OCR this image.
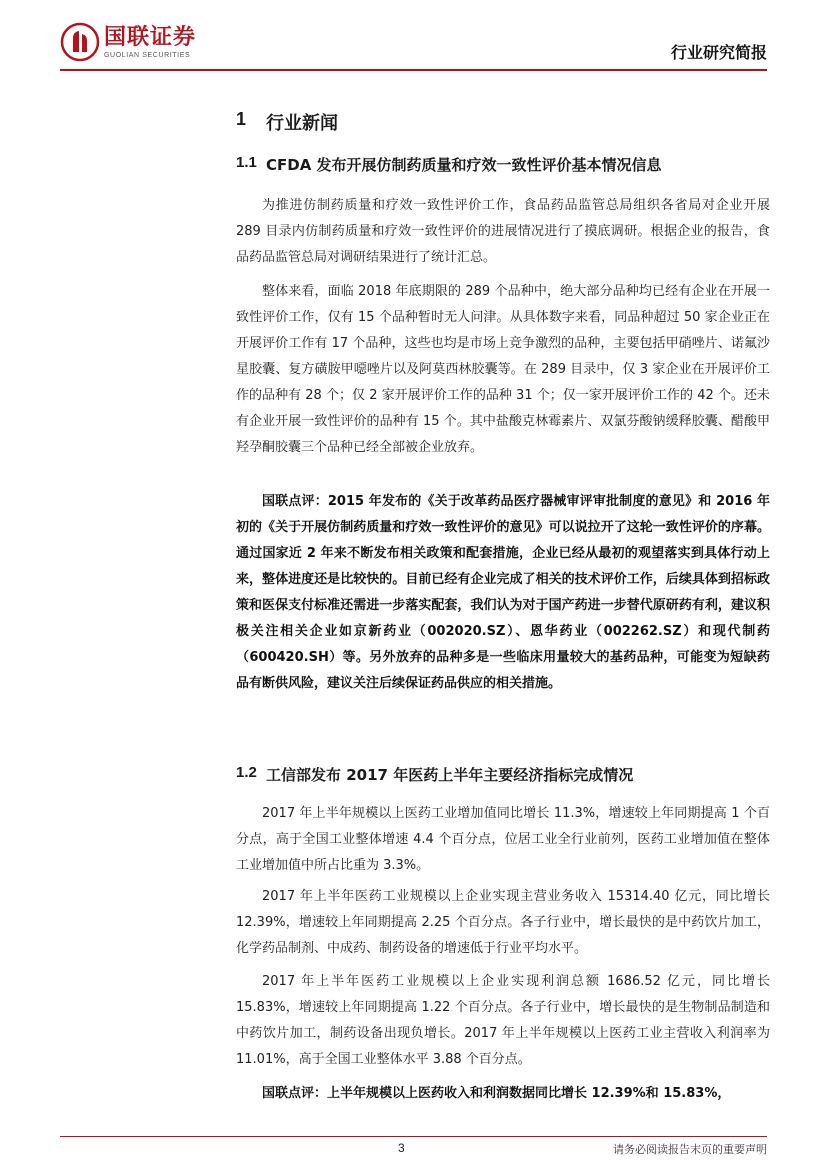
国联证券
GUOLIAN SECURITIES	行业研究简报
1	行业新闻
1.1 CFDA 发布开展仿制药质量和疗效一致性评价基本情况信息

为推进仿制药质量和疗效一致性评价工作，食品药品监管总局组织各省局对企业开展 289 目录内仿制药质量和疗效一致性评价的进展情况进行了摸底调研。根据企业的报告，食品药品监管总局对调研结果进行了统计汇总。

整体来看，面临 2018 年底期限的 289 个品种中，绝大部分品种均已经有企业在开展一致性评价工作，仅有 15 个品种暂时无人问津。从具体数字来看，同品种超过 50 家企业正在开展评价工作有 17 个品种，这些也均是市场上竞争激烈的品种，主要包括甲硝唑片、诺氟沙星胶囊、复方磺胺甲噁唑片以及阿莫西林胶囊等。在 289 目录中，仅 3 家企业在开展评价工作的品种有 28 个；仅 2 家开展评价工作的品种 31 个；仅一家开展评价工作的 42 个。还未有企业开展一致性评价的品种有 15 个。其中盐酸克林霉素片、双氯芬酸钠缓释胶囊、醋酸甲羟孕酮胶囊三个品种已经全部被企业放弃。

国联点评：2015 年发布的《关于改革药品医疗器械审评审批制度的意见》和 2016 年初的《关于开展仿制药质量和疗效一致性评价的意见》可以说拉开了这轮一致性评价的序幕。通过国家近 2 年来不断发布相关政策和配套措施，企业已经从最初的观望落实到具体行动上来，整体进度还是比较快的。目前已经有企业完成了相关的技术评价工作，后续具体到招标政策和医保支付标准还需进一步落实配套，我们认为对于国产药进一步替代原研药有利，建议积极关注相关企业如京新药业（002020.SZ）、恩华药业（002262.SZ）和现代制药（600420.SH）等。另外放弃的品种多是一些临床用量较大的基药品种，可能变为短缺药品有断供风险，建议关注后续保证药品供应的相关措施。

1.2 工信部发布 2017 年医药上半年主要经济指标完成情况

2017 年上半年规模以上医药工业增加值同比增长 11.3%，增速较上年同期提高 1 个百分点，高于全国工业整体增速 4.4 个百分点，位居工业全行业前列，医药工业增加值在整体工业增加值中所占比重为 3.3%。

2017 年上半年医药工业规模以上企业实现主营业务收入 15314.40 亿元，同比增长 12.39%，增速较上年同期提高 2.25 个百分点。各子行业中，增长最快的是中药饮片加工，化学药品制剂、中成药、制药设备的增速低于行业平均水平。

2017 年上半年医药工业规模以上企业实现利润总额 1686.52 亿元，同比增长 15.83%，增速较上年同期提高 1.22 个百分点。各子行业中，增长最快的是生物制品制造和中药饮片加工，制药设备出现负增长。2017 年上半年规模以上医药工业主营收入利润率为 11.01%，高于全国工业整体水平 3.88 个百分点。

国联点评：上半年规模以上医药收入和利润数据同比增长 12.39%和 15.83%，

3	请务必阅读报告末页的重要声明
